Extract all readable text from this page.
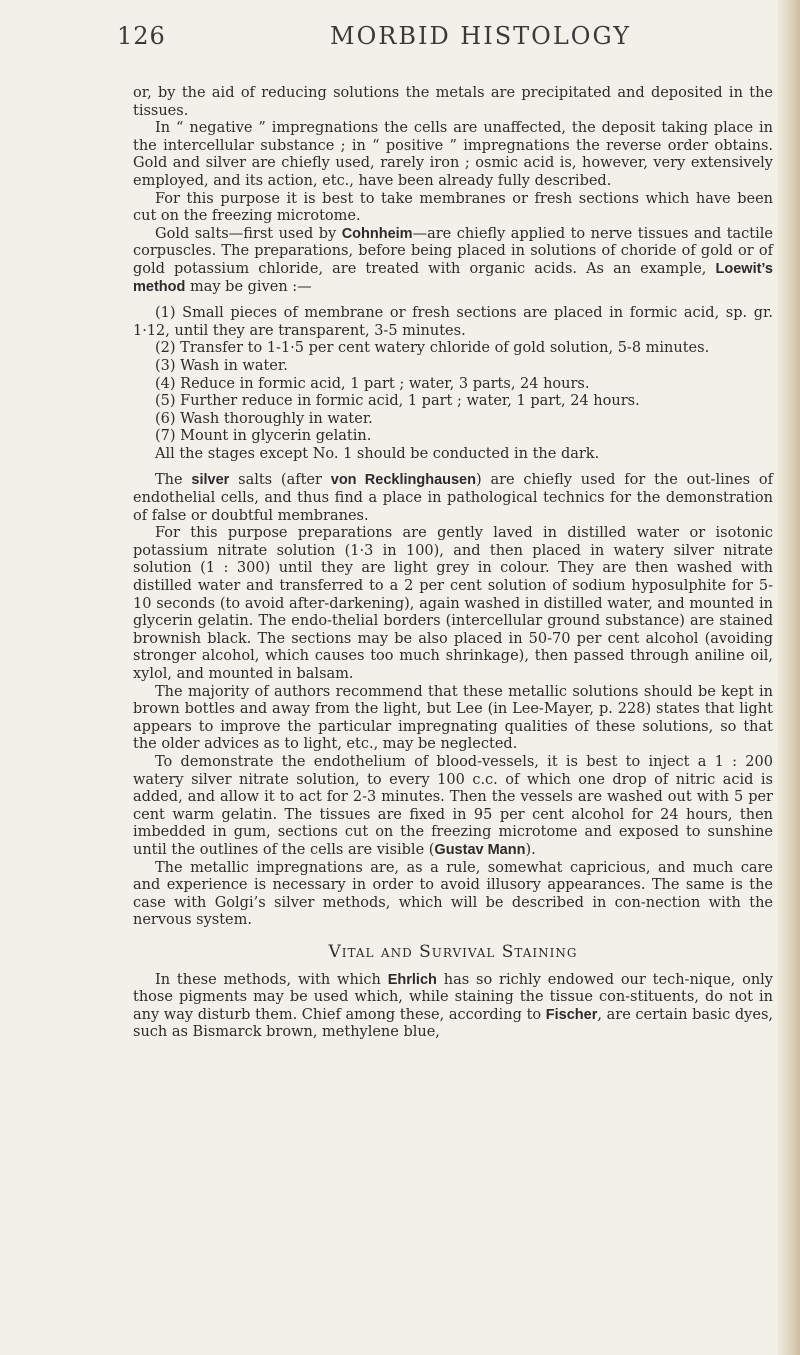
126	MORBID HISTOLOGY

or, by the aid of reducing solutions the metals are precipitated and deposited in the tissues.

In “ negative ” impregnations the cells are unaffected, the deposit taking place in the intercellular substance ; in “ positive ” impregnations the reverse order obtains. Gold and silver are chiefly used, rarely iron ; osmic acid is, however, very extensively employed, and its action, etc., have been already fully described.

For this purpose it is best to take membranes or fresh sections which have been cut on the freezing microtome.

Gold salts—first used by Cohnheim—are chiefly applied to nerve tissues and tactile corpuscles. The preparations, before being placed in solutions of choride of gold or of gold potassium chloride, are treated with organic acids. As an example, Loewit’s method may be given :—

(1) Small pieces of membrane or fresh sections are placed in formic acid, sp. gr. 1·12, until they are transparent, 3-5 minutes.

(2) Transfer to 1-1·5 per cent watery chloride of gold solution, 5-8 minutes.

(3) Wash in water.

(4) Reduce in formic acid, 1 part ; water, 3 parts, 24 hours.

(5) Further reduce in formic acid, 1 part ; water, 1 part, 24 hours.

(6) Wash thoroughly in water.

(7) Mount in glycerin gelatin.

All the stages except No. 1 should be conducted in the dark.

The silver salts (after von Recklinghausen) are chiefly used for the out-lines of endothelial cells, and thus find a place in pathological technics for the demonstration of false or doubtful membranes.

For this purpose preparations are gently laved in distilled water or isotonic potassium nitrate solution (1·3 in 100), and then placed in watery silver nitrate solution (1 : 300) until they are light grey in colour. They are then washed with distilled water and transferred to a 2 per cent solution of sodium hyposulphite for 5-10 seconds (to avoid after-darkening), again washed in distilled water, and mounted in glycerin gelatin. The endo-thelial borders (intercellular ground substance) are stained brownish black. The sections may be also placed in 50-70 per cent alcohol (avoiding stronger alcohol, which causes too much shrinkage), then passed through aniline oil, xylol, and mounted in balsam.

The majority of authors recommend that these metallic solutions should be kept in brown bottles and away from the light, but Lee (in Lee-Mayer, p. 228) states that light appears to improve the particular impregnating qualities of these solutions, so that the older advices as to light, etc., may be neglected.

To demonstrate the endothelium of blood-vessels, it is best to inject a 1 : 200 watery silver nitrate solution, to every 100 c.c. of which one drop of nitric acid is added, and allow it to act for 2-3 minutes. Then the vessels are washed out with 5 per cent warm gelatin. The tissues are fixed in 95 per cent alcohol for 24 hours, then imbedded in gum, sections cut on the freezing microtome and exposed to sunshine until the outlines of the cells are visible (Gustav Mann).

The metallic impregnations are, as a rule, somewhat capricious, and much care and experience is necessary in order to avoid illusory appearances. The same is the case with Golgi’s silver methods, which will be described in con-nection with the nervous system.

Vital and Survival Staining

In these methods, with which Ehrlich has so richly endowed our tech-nique, only those pigments may be used which, while staining the tissue con-stituents, do not in any way disturb them. Chief among these, according to Fischer, are certain basic dyes, such as Bismarck brown, methylene blue,
